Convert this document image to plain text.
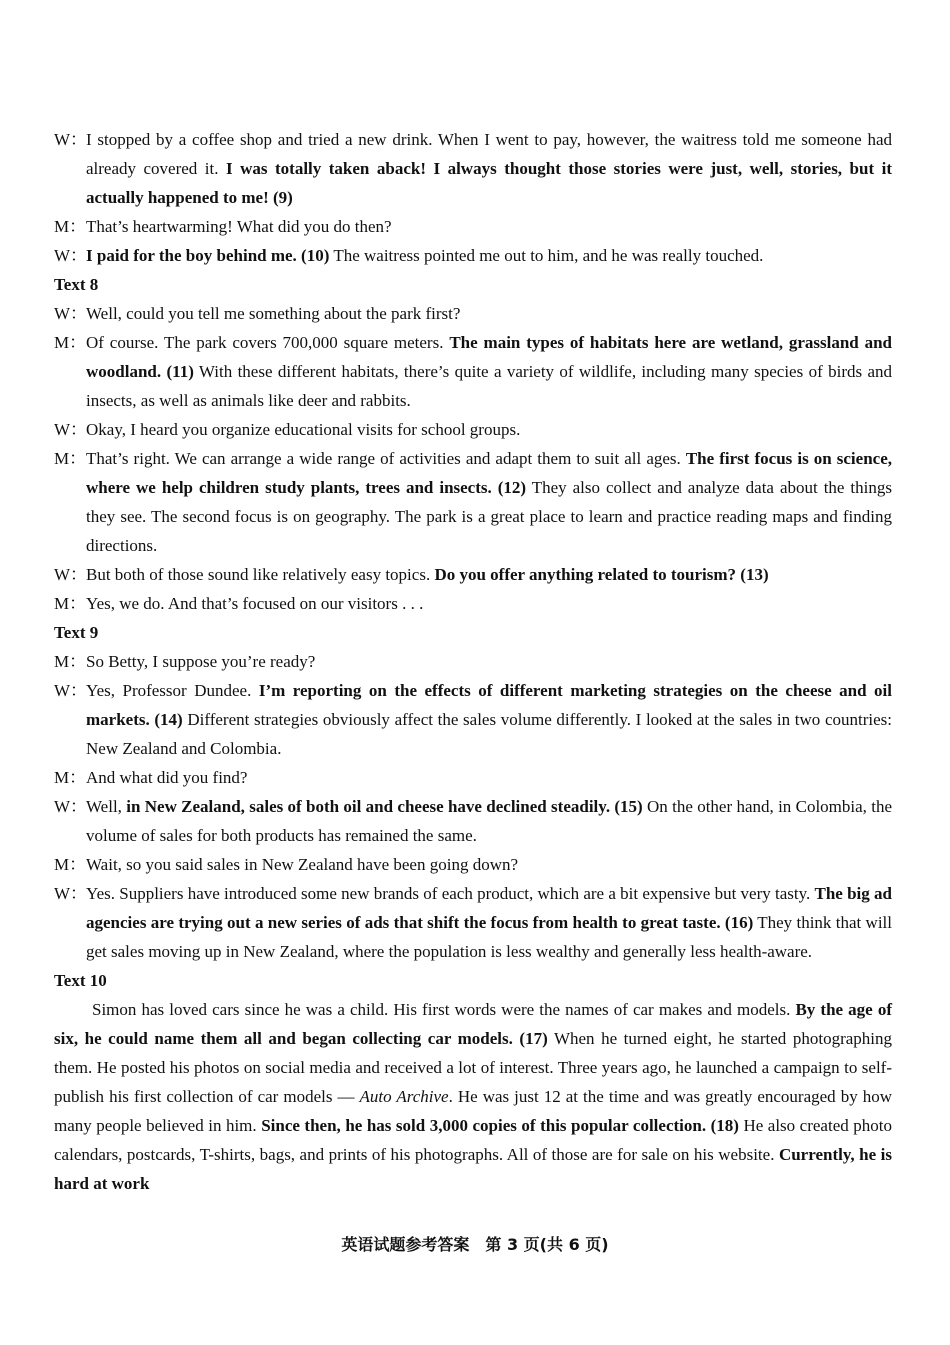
W：I stopped by a coffee shop and tried a new drink. When I went to pay, however, the waitress told me someone had already covered it. I was totally taken aback! I always thought those stories were just, well, stories, but it actually happened to me! (9)
M：That’s heartwarming! What did you do then?
W：I paid for the boy behind me. (10) The waitress pointed me out to him, and he was really touched.
Text 8
W：Well, could you tell me something about the park first?
M：Of course. The park covers 700,000 square meters. The main types of habitats here are wetland, grassland and woodland. (11) With these different habitats, there’s quite a variety of wildlife, including many species of birds and insects, as well as animals like deer and rabbits.
W：Okay, I heard you organize educational visits for school groups.
M：That’s right. We can arrange a wide range of activities and adapt them to suit all ages. The first focus is on science, where we help children study plants, trees and insects. (12) They also collect and analyze data about the things they see. The second focus is on geography. The park is a great place to learn and practice reading maps and finding directions.
W：But both of those sound like relatively easy topics. Do you offer anything related to tourism? (13)
M：Yes, we do. And that’s focused on our visitors . . .
Text 9
M：So Betty, I suppose you’re ready?
W：Yes, Professor Dundee. I’m reporting on the effects of different marketing strategies on the cheese and oil markets. (14) Different strategies obviously affect the sales volume differently. I looked at the sales in two countries: New Zealand and Colombia.
M：And what did you find?
W：Well, in New Zealand, sales of both oil and cheese have declined steadily. (15) On the other hand, in Colombia, the volume of sales for both products has remained the same.
M：Wait, so you said sales in New Zealand have been going down?
W：Yes. Suppliers have introduced some new brands of each product, which are a bit expensive but very tasty. The big ad agencies are trying out a new series of ads that shift the focus from health to great taste. (16) They think that will get sales moving up in New Zealand, where the population is less wealthy and generally less health-aware.
Text 10
Simon has loved cars since he was a child. His first words were the names of car makes and models. By the age of six, he could name them all and began collecting car models. (17) When he turned eight, he started photographing them. He posted his photos on social media and received a lot of interest. Three years ago, he launched a campaign to self-publish his first collection of car models — Auto Archive. He was just 12 at the time and was greatly encouraged by how many people believed in him. Since then, he has sold 3,000 copies of this popular collection. (18) He also created photo calendars, postcards, T-shirts, bags, and prints of his photographs. All of those are for sale on his website. Currently, he is hard at work
英语试题参考答案　第 3 页(共 6 页)
